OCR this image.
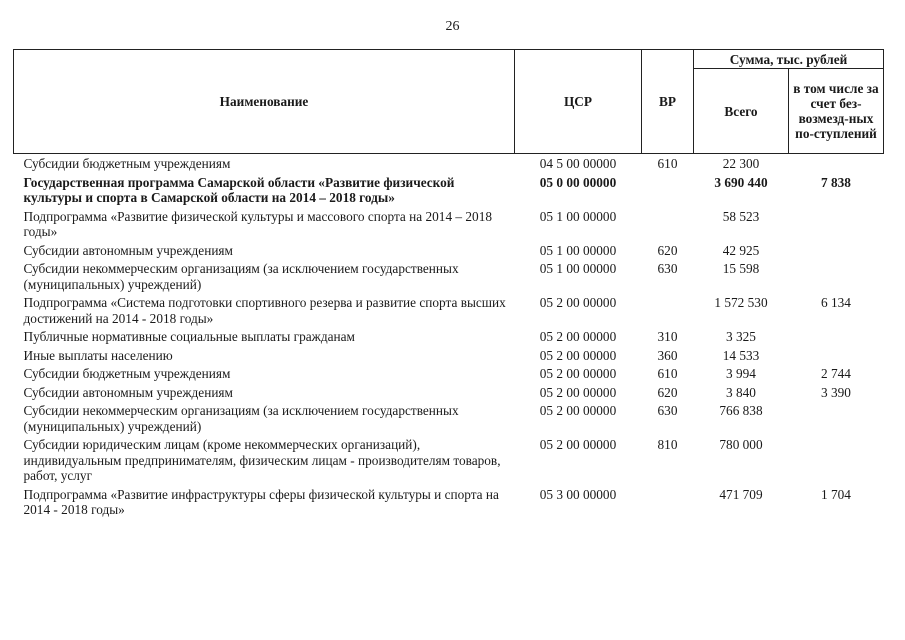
26
Наименование	ЦСР	ВР	Сумма, тыс. рублей	
			Всего	в том числе за счет без-возмезд-ных по-ступлений
Субсидии бюджетным учреждениям	04 5 00 00000	610	22 300	
Государственная программа Самарской области «Развитие физической культуры и спорта в Самарской области на 2014 – 2018 годы»	05 0 00 00000		3 690 440	7 838
Подпрограмма «Развитие физической культуры и массового спорта на 2014 – 2018 годы»	05 1 00 00000		58 523	
Субсидии автономным учреждениям	05 1 00 00000	620	42 925	
Субсидии некоммерческим организациям (за исключением государственных (муниципальных) учреждений)	05 1 00 00000	630	15 598	
Подпрограмма «Система подготовки спортивного резерва и развитие спорта высших достижений на 2014 - 2018 годы»	05 2 00 00000		1 572 530	6 134
Публичные нормативные социальные выплаты гражданам	05 2 00 00000	310	3 325	
Иные выплаты населению	05 2 00 00000	360	14 533	
Субсидии бюджетным учреждениям	05 2 00 00000	610	3 994	2 744
Субсидии автономным учреждениям	05 2 00 00000	620	3 840	3 390
Субсидии некоммерческим организациям (за исключением государственных (муниципальных) учреждений)	05 2 00 00000	630	766 838	
Субсидии юридическим лицам (кроме некоммерческих организаций), индивидуальным предпринимателям, физическим лицам - производителям товаров, работ, услуг	05 2 00 00000	810	780 000	
Подпрограмма «Развитие инфраструктуры сферы физической культуры и спорта на 2014 - 2018 годы»	05 3 00 00000		471 709	1 704
